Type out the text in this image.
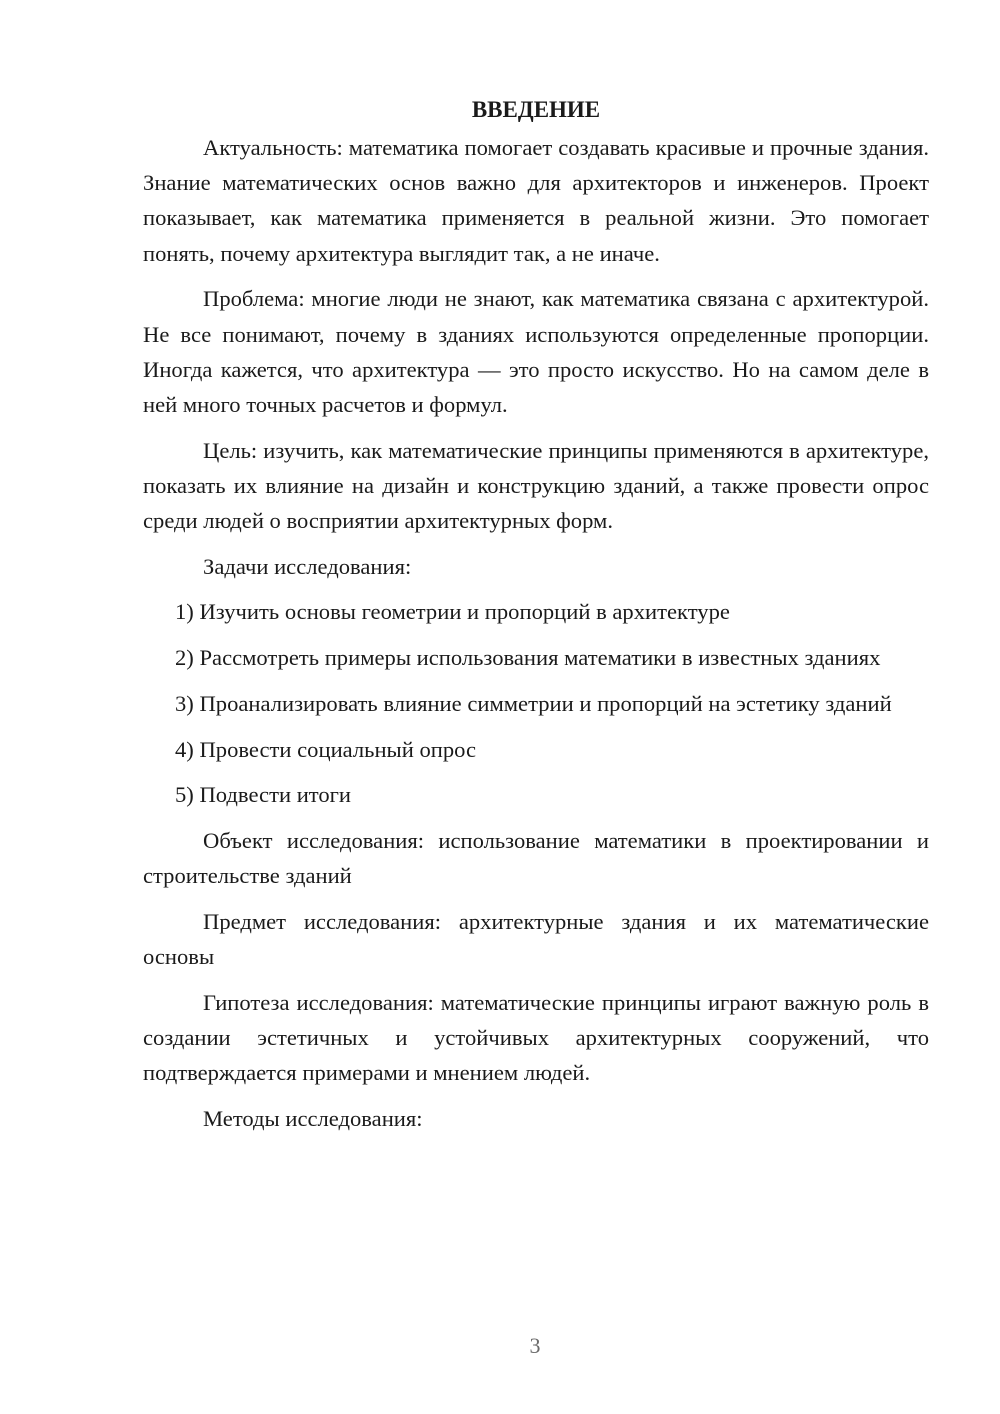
ВВЕДЕНИЕ

Актуальность: математика помогает создавать красивые и прочные здания. Знание математических основ важно для архитекторов и инженеров. Проект показывает, как математика применяется в реальной жизни. Это помогает понять, почему архитектура выглядит так, а не иначе.

Проблема: многие люди не знают, как математика связана с архитектурой. Не все понимают, почему в зданиях используются определенные пропорции. Иногда кажется, что архитектура — это просто искусство. Но на самом деле в ней много точных расчетов и формул.

Цель: изучить, как математические принципы применяются в архитектуре, показать их влияние на дизайн и конструкцию зданий, а также провести опрос среди людей о восприятии архитектурных форм.

Задачи исследования:

1) Изучить основы геометрии и пропорций в архитектуре

2) Рассмотреть примеры использования математики в известных зданиях

3) Проанализировать влияние симметрии и пропорций на эстетику зданий

4) Провести социальный опрос

5) Подвести итоги

Объект исследования: использование математики в проектировании и строительстве зданий

Предмет исследования: архитектурные здания и их математические основы

Гипотеза исследования: математические принципы играют важную роль в создании эстетичных и устойчивых архитектурных сооружений, что подтверждается примерами и мнением людей.

Методы исследования:

3
